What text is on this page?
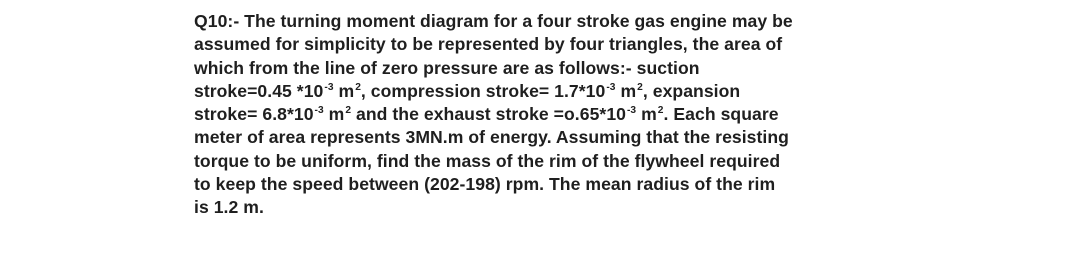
Q10:- The turning moment diagram for a four stroke gas engine may be
assumed for simplicity to be represented by four triangles, the area of
which from the line of zero pressure are as follows:- suction
stroke=0.45 $*10^{-3}$ $m^2$, compression stroke= $1.7*10^{-3}$ $m^2$, expansion
stroke= $6.8*10^{-3}$ $m^2$ and the exhaust stroke $=o.65*10^{-3}$ $m^2$. Each square
meter of area represents 3MN.m of energy. Assuming that the resisting
torque to be uniform, find the mass of the rim of the flywheel required
to keep the speed between (202-198) rpm. The mean radius of the rim
is 1.2 m.
